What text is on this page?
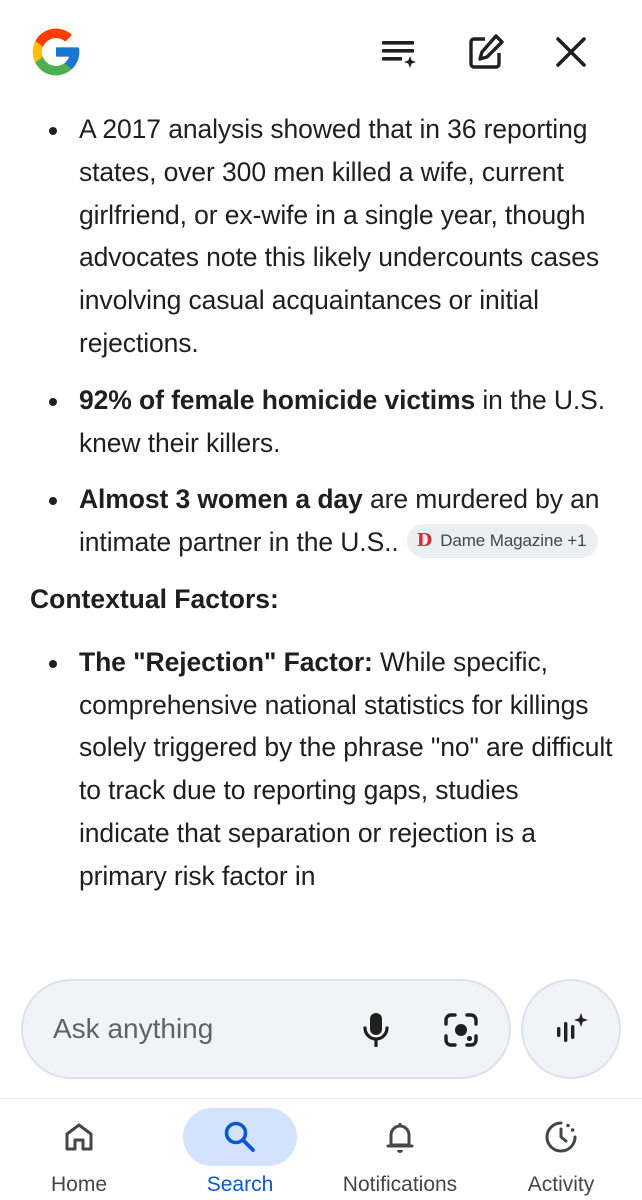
A 2017 analysis showed that in 36 reporting states, over 300 men killed a wife, current girlfriend, or ex-wife in a single year, though advocates note this likely undercounts cases involving casual acquaintances or initial rejections.
92% of female homicide victims in the U.S. knew their killers.
Almost 3 women a day are murdered by an intimate partner in the U.S.. D Dame Magazine +1
Contextual Factors:
The "Rejection" Factor: While specific, comprehensive national statistics for killings solely triggered by the phrase "no" are difficult to track due to reporting gaps, studies indicate that separation or rejection is a primary risk factor in
Ask anything
Home	Search	Notifications	Activity
